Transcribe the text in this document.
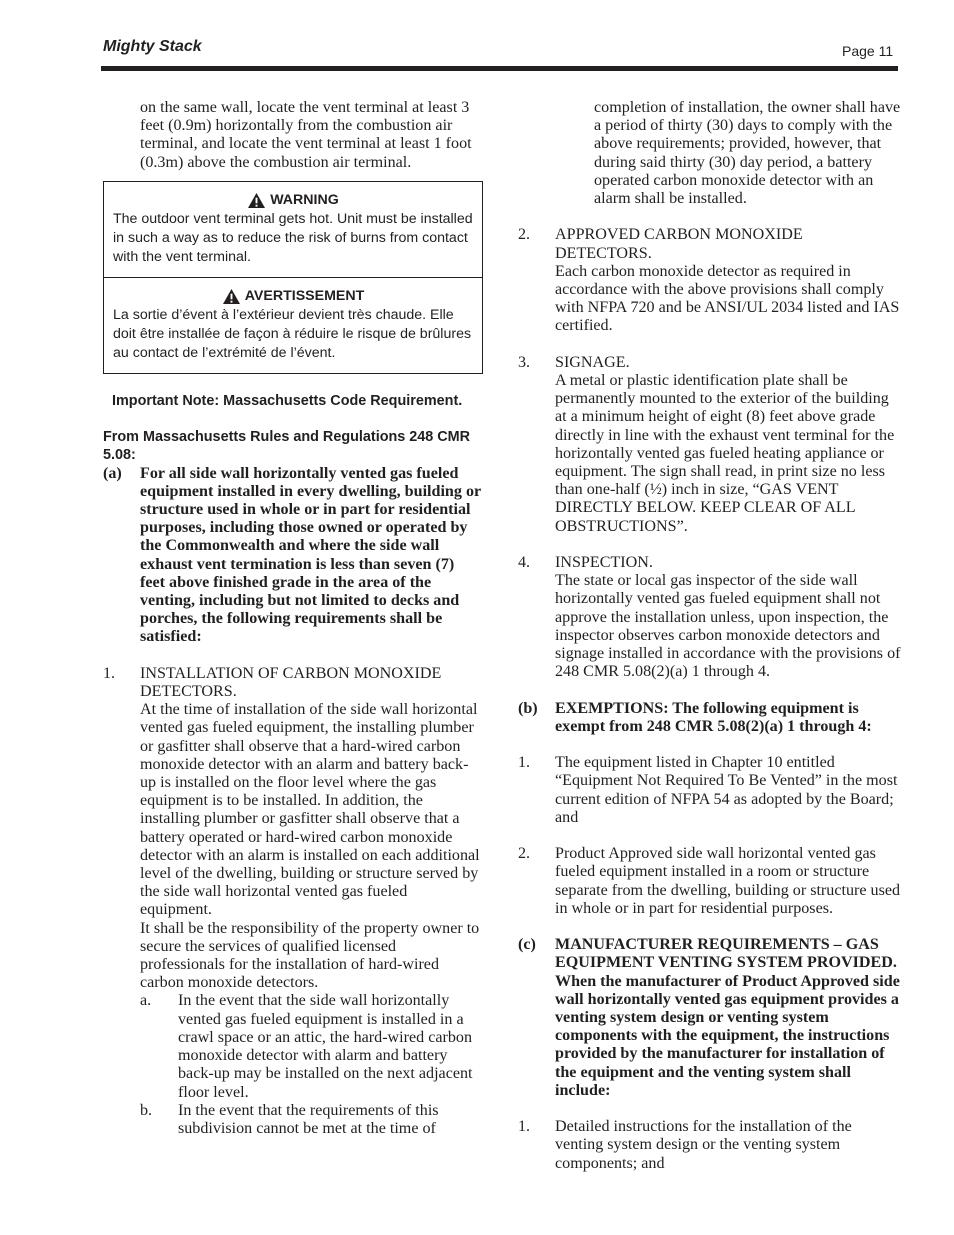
Mighty Stack	Page 11

on the same wall, locate the vent terminal at least 3 feet (0.9m) horizontally from the combustion air terminal, and locate the vent terminal at least 1 foot (0.3m) above the combustion air terminal.

WARNING
The outdoor vent terminal gets hot. Unit must be installed in such a way as to reduce the risk of burns from contact with the vent terminal.
AVERTISSEMENT
La sortie d’évent à l’extérieur devient très chaude. Elle doit être installée de façon à réduire le risque de brûlures au contact de l’extrémité de l’évent.

Important Note: Massachusetts Code Requirement.

From Massachusetts Rules and Regulations 248 CMR 5.08:

(a) For all side wall horizontally vented gas fueled equipment installed in every dwelling, building or structure used in whole or in part for residential purposes, including those owned or operated by the Commonwealth and where the side wall exhaust vent termination is less than seven (7) feet above finished grade in the area of the venting, including but not limited to decks and porches, the following requirements shall be satisfied:
1. INSTALLATION OF CARBON MONOXIDE DETECTORS.

At the time of installation of the side wall horizontal vented gas fueled equipment, the installing plumber or gasfitter shall observe that a hard-wired carbon monoxide detector with an alarm and battery back-up is installed on the floor level where the gas equipment is to be installed. In addition, the installing plumber or gasfitter shall observe that a battery operated or hard-wired carbon monoxide detector with an alarm is installed on each additional level of the dwelling, building or structure served by the side wall horizontal vented gas fueled equipment.

It shall be the responsibility of the property owner to secure the services of qualified licensed professionals for the installation of hard-wired carbon monoxide detectors.

a. In the event that the side wall horizontally vented gas fueled equipment is installed in a crawl space or an attic, the hard-wired carbon monoxide detector with alarm and battery back-up may be installed on the next adjacent floor level.
b. In the event that the requirements of this subdivision cannot be met at the time of

completion of installation, the owner shall have a period of thirty (30) days to comply with the above requirements; provided, however, that during said thirty (30) day period, a battery operated carbon monoxide detector with an alarm shall be installed.

2. APPROVED CARBON MONOXIDE DETECTORS.

Each carbon monoxide detector as required in accordance with the above provisions shall comply with NFPA 720 and be ANSI/UL 2034 listed and IAS certified.

3. SIGNAGE.

A metal or plastic identification plate shall be permanently mounted to the exterior of the building at a minimum height of eight (8) feet above grade directly in line with the exhaust vent terminal for the horizontally vented gas fueled heating appliance or equipment. The sign shall read, in print size no less than one-half (½) inch in size, “GAS VENT DIRECTLY BELOW. KEEP CLEAR OF ALL OBSTRUCTIONS”.

4. INSPECTION.

The state or local gas inspector of the side wall horizontally vented gas fueled equipment shall not approve the installation unless, upon inspection, the inspector observes carbon monoxide detectors and signage installed in accordance with the provisions of 248 CMR 5.08(2)(a) 1 through 4.

(b) EXEMPTIONS: The following equipment is exempt from 248 CMR 5.08(2)(a) 1 through 4:
1. The equipment listed in Chapter 10 entitled “Equipment Not Required To Be Vented” in the most current edition of NFPA 54 as adopted by the Board; and
2. Product Approved side wall horizontal vented gas fueled equipment installed in a room or structure separate from the dwelling, building or structure used in whole or in part for residential purposes.
(c) MANUFACTURER REQUIREMENTS – GAS EQUIPMENT VENTING SYSTEM PROVIDED. When the manufacturer of Product Approved side wall horizontally vented gas equipment provides a venting system design or venting system components with the equipment, the instructions provided by the manufacturer for installation of the equipment and the venting system shall include:
1. Detailed instructions for the installation of the venting system design or the venting system components; and
